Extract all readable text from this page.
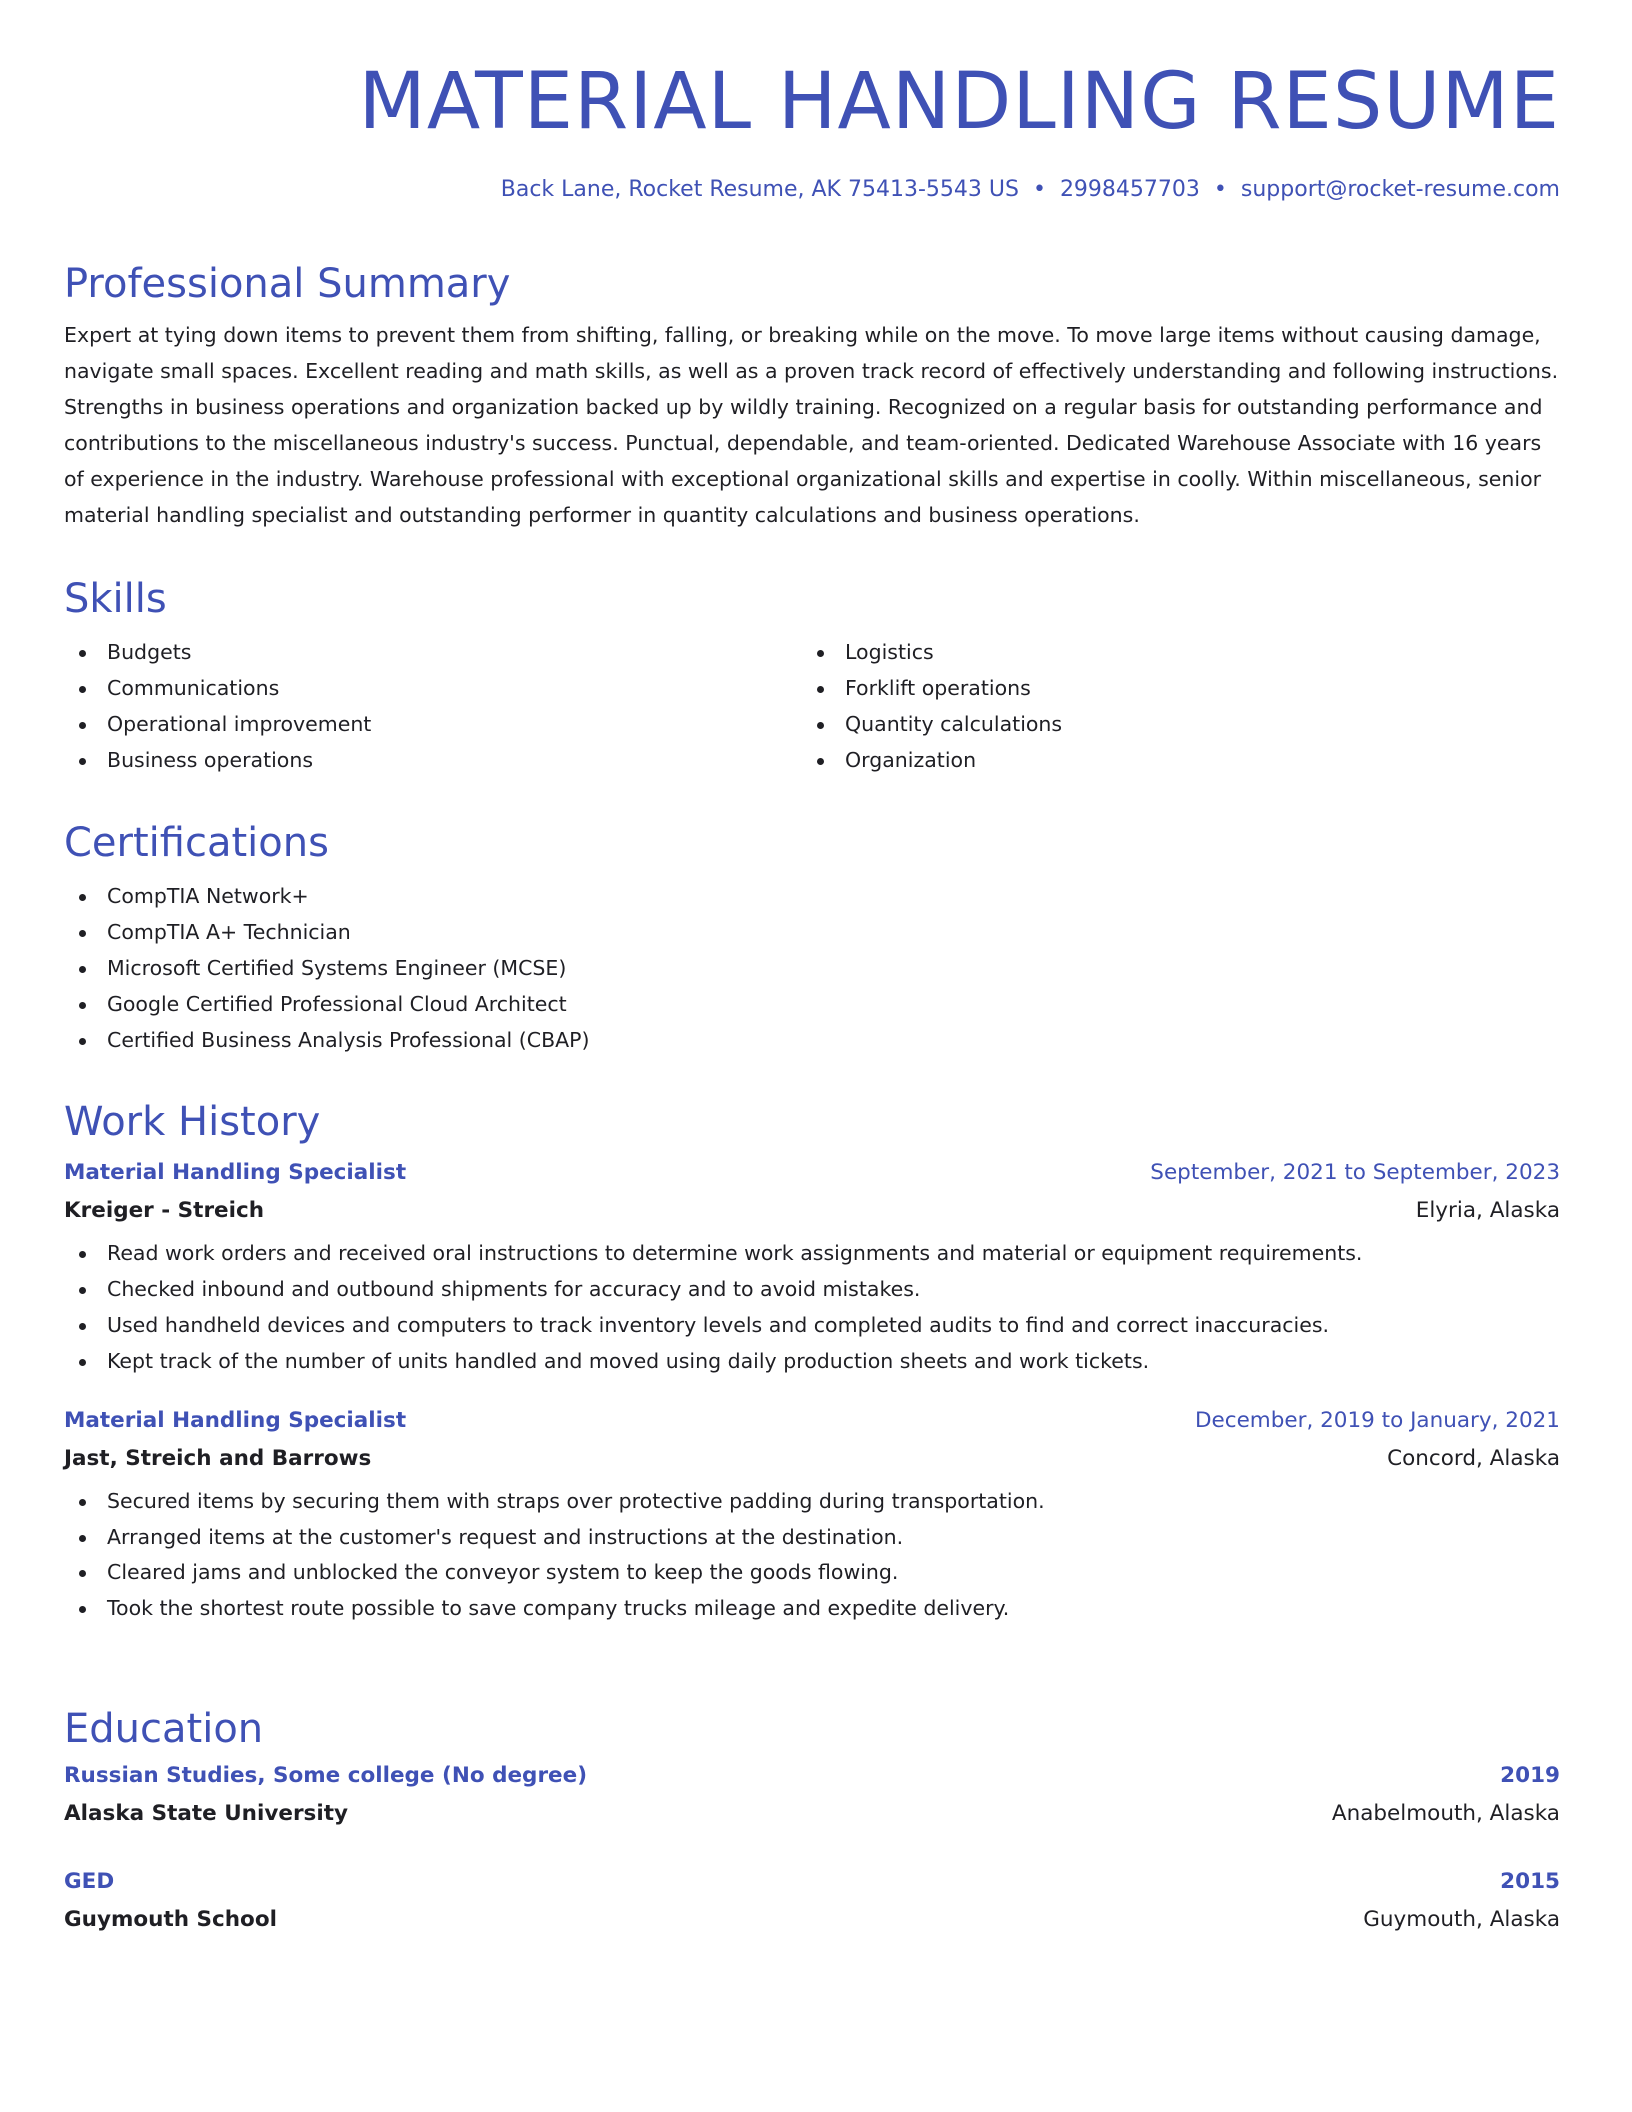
MATERIAL HANDLING RESUME
Back Lane, Rocket Resume, AK 75413-5543 US • 2998457703 • support@rocket-resume.com
Professional Summary

Expert at tying down items to prevent them from shifting, falling, or breaking while on the move. To move large items without causing damage, navigate small spaces. Excellent reading and math skills, as well as a proven track record of effectively understanding and following instructions. Strengths in business operations and organization backed up by wildly training. Recognized on a regular basis for outstanding performance and contributions to the miscellaneous industry's success. Punctual, dependable, and team-oriented. Dedicated Warehouse Associate with 16 years of experience in the industry. Warehouse professional with exceptional organizational skills and expertise in coolly. Within miscellaneous, senior material handling specialist and outstanding performer in quantity calculations and business operations.

Skills
Budgets
Communications
Operational improvement
Business operations
Logistics
Forklift operations
Quantity calculations
Organization
Certifications
CompTIA Network+
CompTIA A+ Technician
Microsoft Certified Systems Engineer (MCSE)
Google Certified Professional Cloud Architect
Certified Business Analysis Professional (CBAP)
Work History
Material Handling Specialist	September, 2021 to September, 2023
Kreiger - Streich	Elyria, Alaska
Read work orders and received oral instructions to determine work assignments and material or equipment requirements.
Checked inbound and outbound shipments for accuracy and to avoid mistakes.
Used handheld devices and computers to track inventory levels and completed audits to find and correct inaccuracies.
Kept track of the number of units handled and moved using daily production sheets and work tickets.
Material Handling Specialist	December, 2019 to January, 2021
Jast, Streich and Barrows	Concord, Alaska
Secured items by securing them with straps over protective padding during transportation.
Arranged items at the customer's request and instructions at the destination.
Cleared jams and unblocked the conveyor system to keep the goods flowing.
Took the shortest route possible to save company trucks mileage and expedite delivery.
Education
Russian Studies, Some college (No degree)	2019
Alaska State University	Anabelmouth, Alaska
GED	2015
Guymouth School	Guymouth, Alaska
